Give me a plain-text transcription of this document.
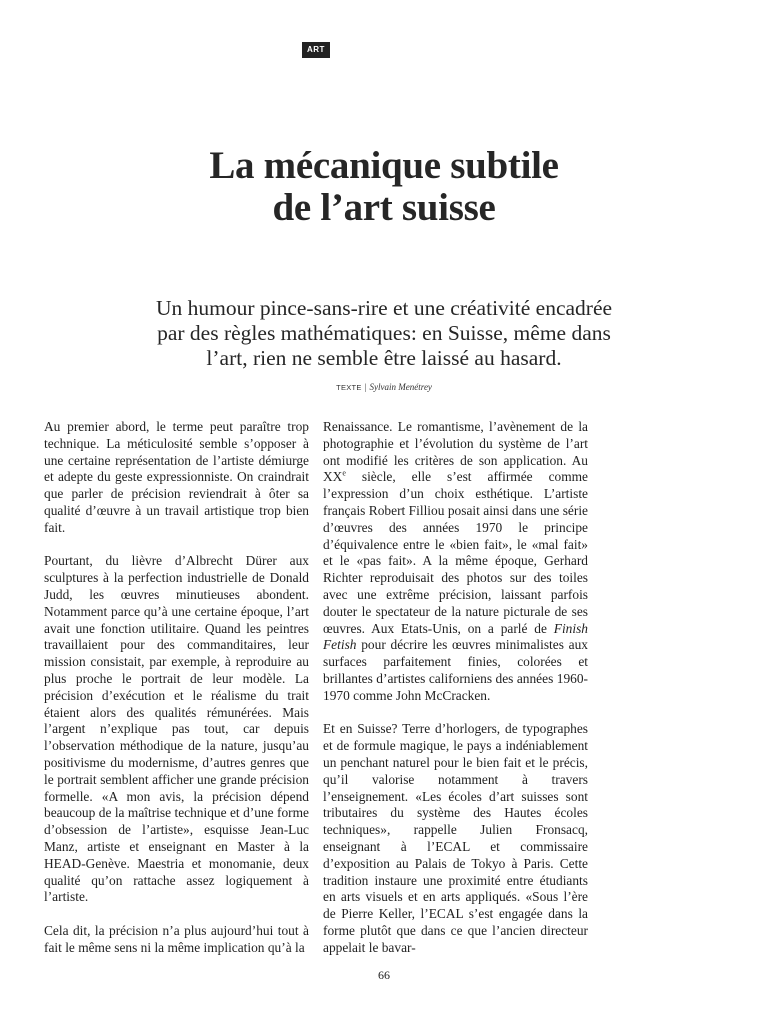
ART
La mécanique subtile
de l’art suisse
Un humour pince-sans-rire et une créativité encadrée
par des règles mathématiques: en Suisse, même dans
l’art, rien ne semble être laissé au hasard.
TEXTE | Sylvain Menétrey

Au premier abord, le terme peut paraître trop technique. La méticulosité semble s’opposer à une certaine représentation de l’artiste démiurge et adepte du geste expressionniste. On craindrait que parler de précision reviendrait à ôter sa qualité d’œuvre à un travail artistique trop bien fait.

Pourtant, du lièvre d’Albrecht Dürer aux sculptures à la perfection industrielle de Donald Judd, les œuvres minutieuses abondent. Notamment parce qu’à une certaine époque, l’art avait une fonction utilitaire. Quand les peintres travaillaient pour des commanditaires, leur mission consistait, par exemple, à reproduire au plus proche le portrait de leur modèle. La précision d’exécution et le réalisme du trait étaient alors des qualités rémunérées. Mais l’argent n’explique pas tout, car depuis l’observation méthodique de la nature, jusqu’au positivisme du modernisme, d’autres genres que le portrait semblent afficher une grande précision formelle. «A mon avis, la précision dépend beaucoup de la maîtrise technique et d’une forme d’obsession de l’artiste», esquisse Jean-Luc Manz, artiste et enseignant en Master à la HEAD-Genève. Maestria et monomanie, deux qualité qu’on rattache assez logiquement à l’artiste.

Cela dit, la précision n’a plus aujourd’hui tout à fait le même sens ni la même implication qu’à la

Renaissance. Le romantisme, l’avènement de la photographie et l’évolution du système de l’art ont modifié les critères de son application. Au XXe siècle, elle s’est affirmée comme l’expression d’un choix esthétique. L’artiste français Robert Filliou posait ainsi dans une série d’œuvres des années 1970 le principe d’équivalence entre le «bien fait», le «mal fait» et le «pas fait». A la même époque, Gerhard Richter reproduisait des photos sur des toiles avec une extrême précision, laissant parfois douter le spectateur de la nature picturale de ses œuvres. Aux Etats-Unis, on a parlé de Finish Fetish pour décrire les œuvres minimalistes aux surfaces parfaitement finies, colorées et brillantes d’artistes californiens des années 1960-1970 comme John McCracken.

Et en Suisse? Terre d’horlogers, de typographes et de formule magique, le pays a indéniablement un penchant naturel pour le bien fait et le précis, qu’il valorise notamment à travers l’enseignement. «Les écoles d’art suisses sont tributaires du système des Hautes écoles techniques», rappelle Julien Fronsacq, enseignant à l’ECAL et commissaire d’exposition au Palais de Tokyo à Paris. Cette tradition instaure une proximité entre étudiants en arts visuels et en arts appliqués. «Sous l’ère de Pierre Keller, l’ECAL s’est engagée dans la forme plutôt que dans ce que l’ancien directeur appelait le bavar-

66
